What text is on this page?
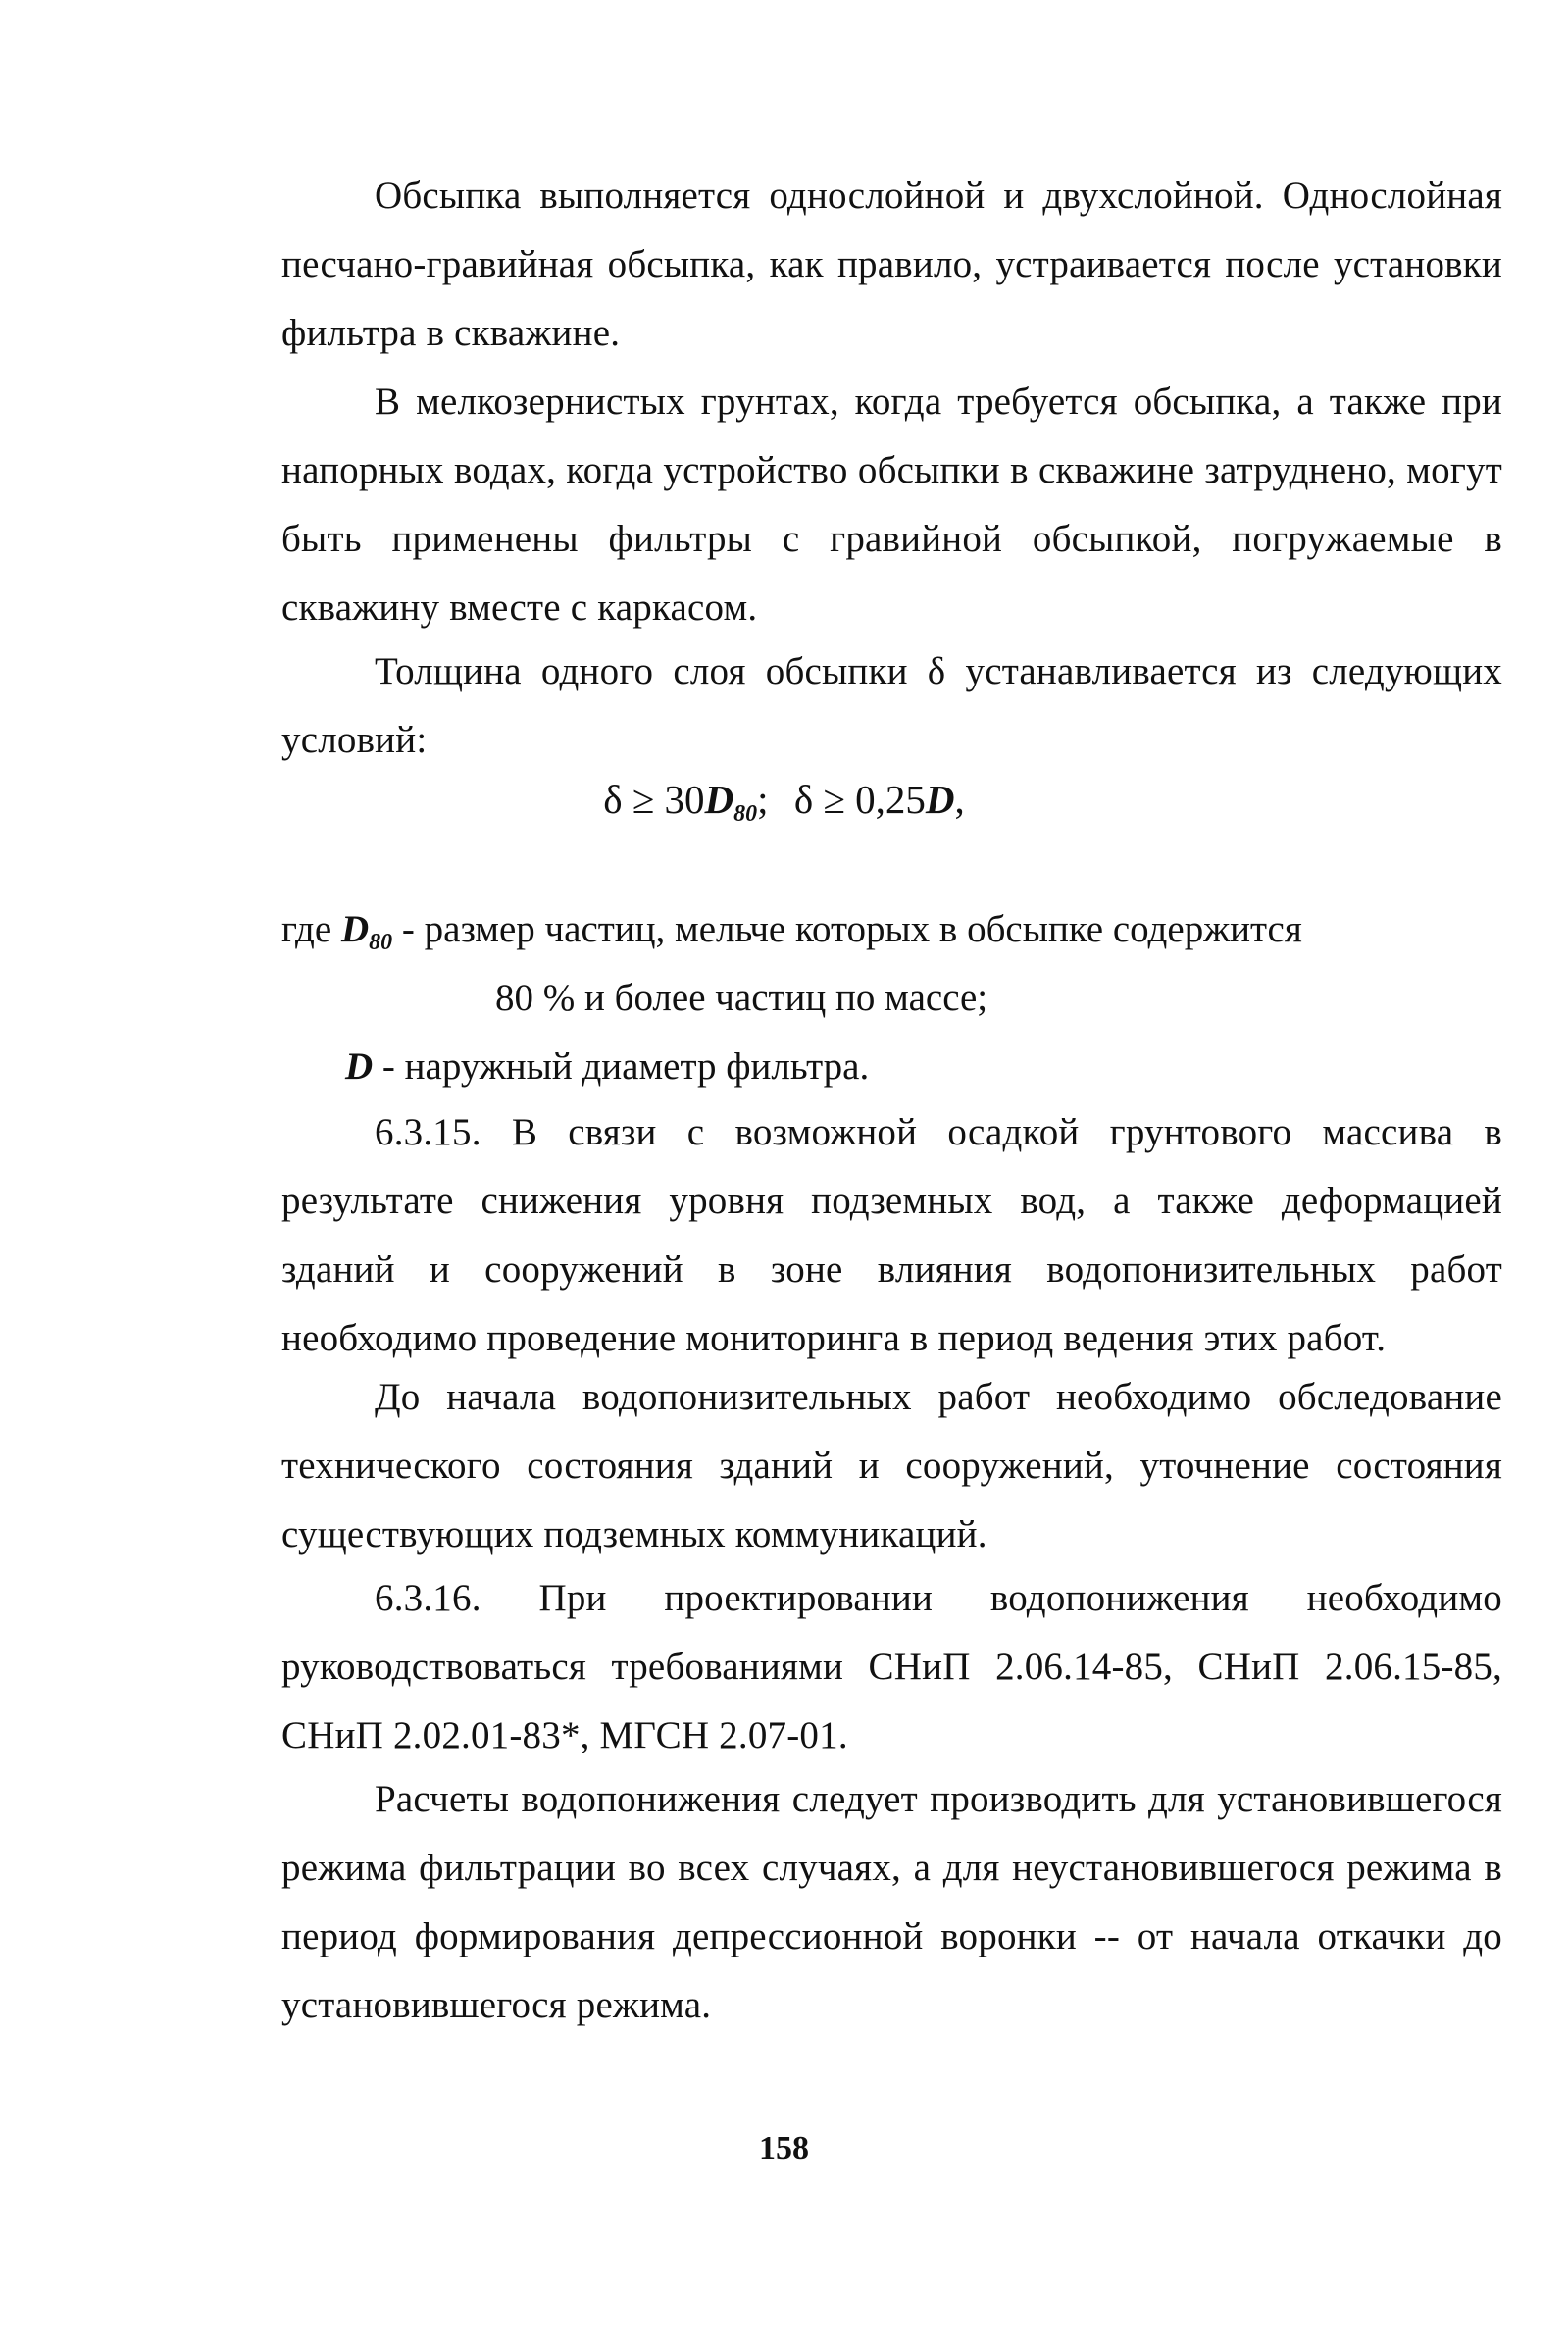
Обсыпка выполняется однослойной и двухслойной. Однослойная песчано-гравийная обсыпка, как правило, устраивается после установки фильтра в скважине.

В мелкозернистых грунтах, когда требуется обсыпка, а также при напорных водах, когда устройство обсыпки в скважине затруднено, могут быть применены фильтры с гравийной обсыпкой, погружаемые в скважину вместе с каркасом.

Толщина одного слоя обсыпки δ устанавливается из следующих условий:

$\delta \ge 30D_{80}$; δ ≥ 0,25D,

где $D_{80}$ - размер частиц, мельче которых в обсыпке содержится

80 % и более частиц по массе;

D - наружный диаметр фильтра.

6.3.15. В связи с возможной осадкой грунтового массива в результате снижения уровня подземных вод, а также деформацией зданий и сооружений в зоне влияния водопонизительных работ необходимо проведение мониторинга в период ведения этих работ.

До начала водопонизительных работ необходимо обследование технического состояния зданий и сооружений, уточнение состояния существующих подземных коммуникаций.

6.3.16. При проектировании водопонижения необходимо руководствоваться требованиями СНиП 2.06.14-85, СНиП 2.06.15-85, СНиП 2.02.01-83*, МГСН 2.07-01.

Расчеты водопонижения следует производить для установившегося режима фильтрации во всех случаях, а для неустановившегося режима в период формирования депрессионной воронки -- от начала откачки до установившегося режима.

158
